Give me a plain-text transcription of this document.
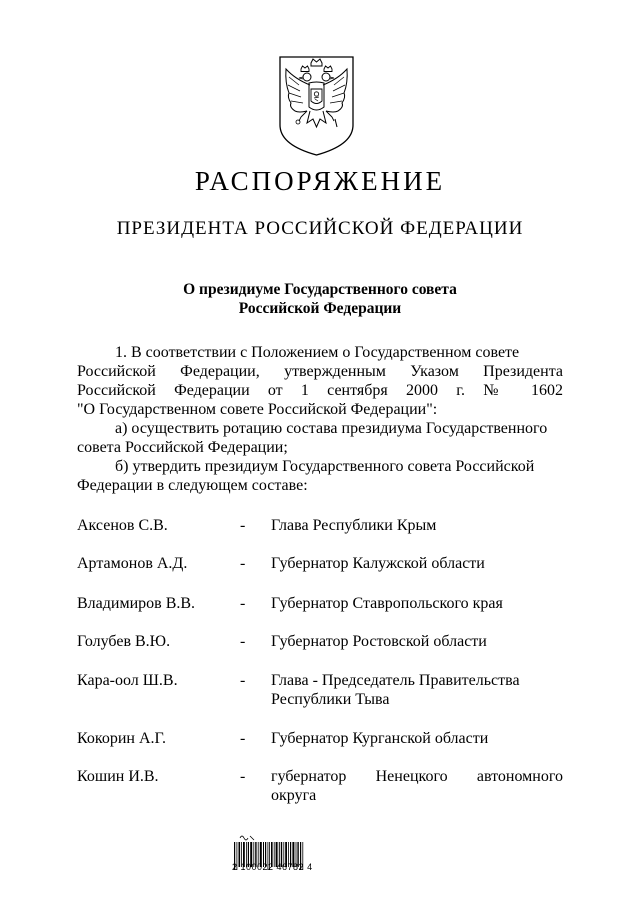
РАСПОРЯЖЕНИЕ
ПРЕЗИДЕНТА РОССИЙСКОЙ ФЕДЕРАЦИИ
О президиуме Государственного совета
Российской Федерации
1. В соответствии с Положением о Государственном совете
Российской Федерации, утвержденным Указом Президента
Российской Федерации от 1 сентября 2000 г. № 1602
"О Государственном совете Российской Федерации":
а) осуществить ротацию состава президиума Государственного
совета Российской Федерации;
б) утвердить президиум Государственного совета Российской
Федерации в следующем составе:
Аксенов С.В.	- Глава Республики Крым
Артамонов А.Д.	- Губернатор Калужской области
Владимиров В.В.	- Губернатор Ставропольского края
Голубев В.Ю.	- Губернатор Ростовской области
Кара-оол Ш.В.	- Глава - Председатель Правительства
Республики Тыва
Кокорин А.Г.	- Губернатор Курганской области
Кошин И.В.	- губернатор Ненецкого автономного
округа
2 100022 46782 4
